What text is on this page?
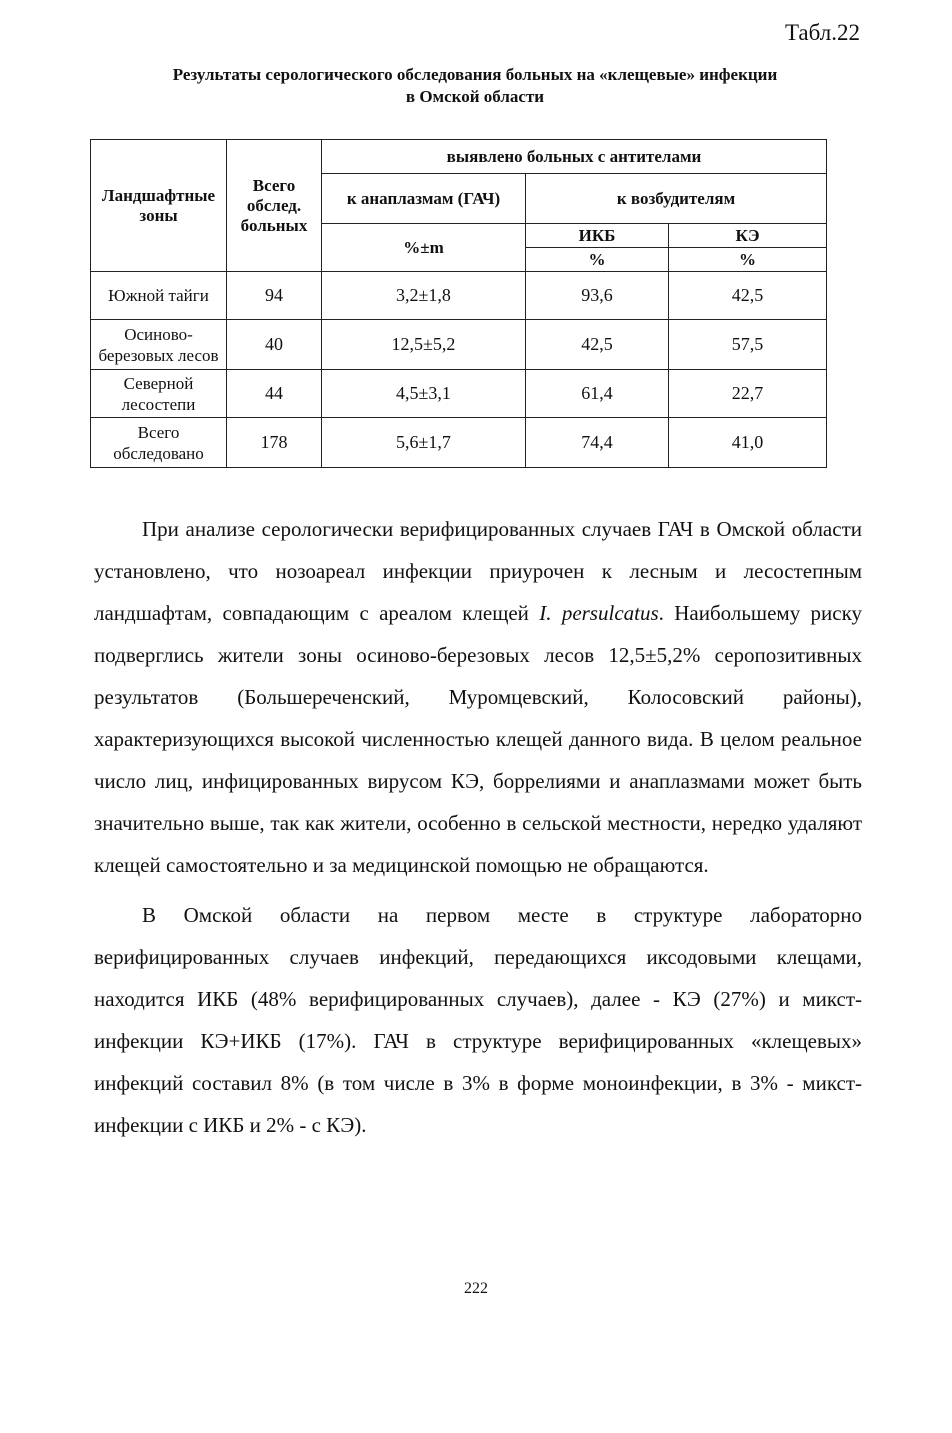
Табл.22
Результаты серологического обследования больных на «клещевые» инфекции
в Омской области
Ландшафтные зоны	Всего обслед. больных	выявлено больных с антителами		
		к анаплазмам (ГАЧ)	к возбудителям	
		%±m	ИКБ	КЭ
			%	%
Южной тайги	94	3,2±1,8	93,6	42,5
Осиново-березовых лесов	40	12,5±5,2	42,5	57,5
Северной лесостепи	44	4,5±3,1	61,4	22,7
Всего обследовано	178	5,6±1,7	74,4	41,0

При анализе серологически верифицированных случаев ГАЧ в Омской области установлено, что нозоареал инфекции приурочен к лесным и лесостепным ландшафтам, совпадающим с ареалом клещей I. persulcatus. Наибольшему риску подверглись жители зоны осиново-березовых лесов 12,5±5,2% серопозитивных результатов (Большереченский, Муромцевский, Колосовский районы), характеризующихся высокой численностью клещей данного вида. В целом реальное число лиц, инфицированных вирусом КЭ, боррелиями и анаплазмами может быть значительно выше, так как жители, особенно в сельской местности, нередко удаляют клещей самостоятельно и за медицинской помощью не обращаются.

В Омской области на первом месте в структуре лабораторно верифицированных случаев инфекций, передающихся иксодовыми клещами, находится ИКБ (48% верифицированных случаев), далее - КЭ (27%) и микст-инфекции КЭ+ИКБ (17%). ГАЧ в структуре верифицированных «клещевых» инфекций составил 8% (в том числе в 3% в форме моноинфекции, в 3% - микст-инфекции с ИКБ и 2% - с КЭ).

222
